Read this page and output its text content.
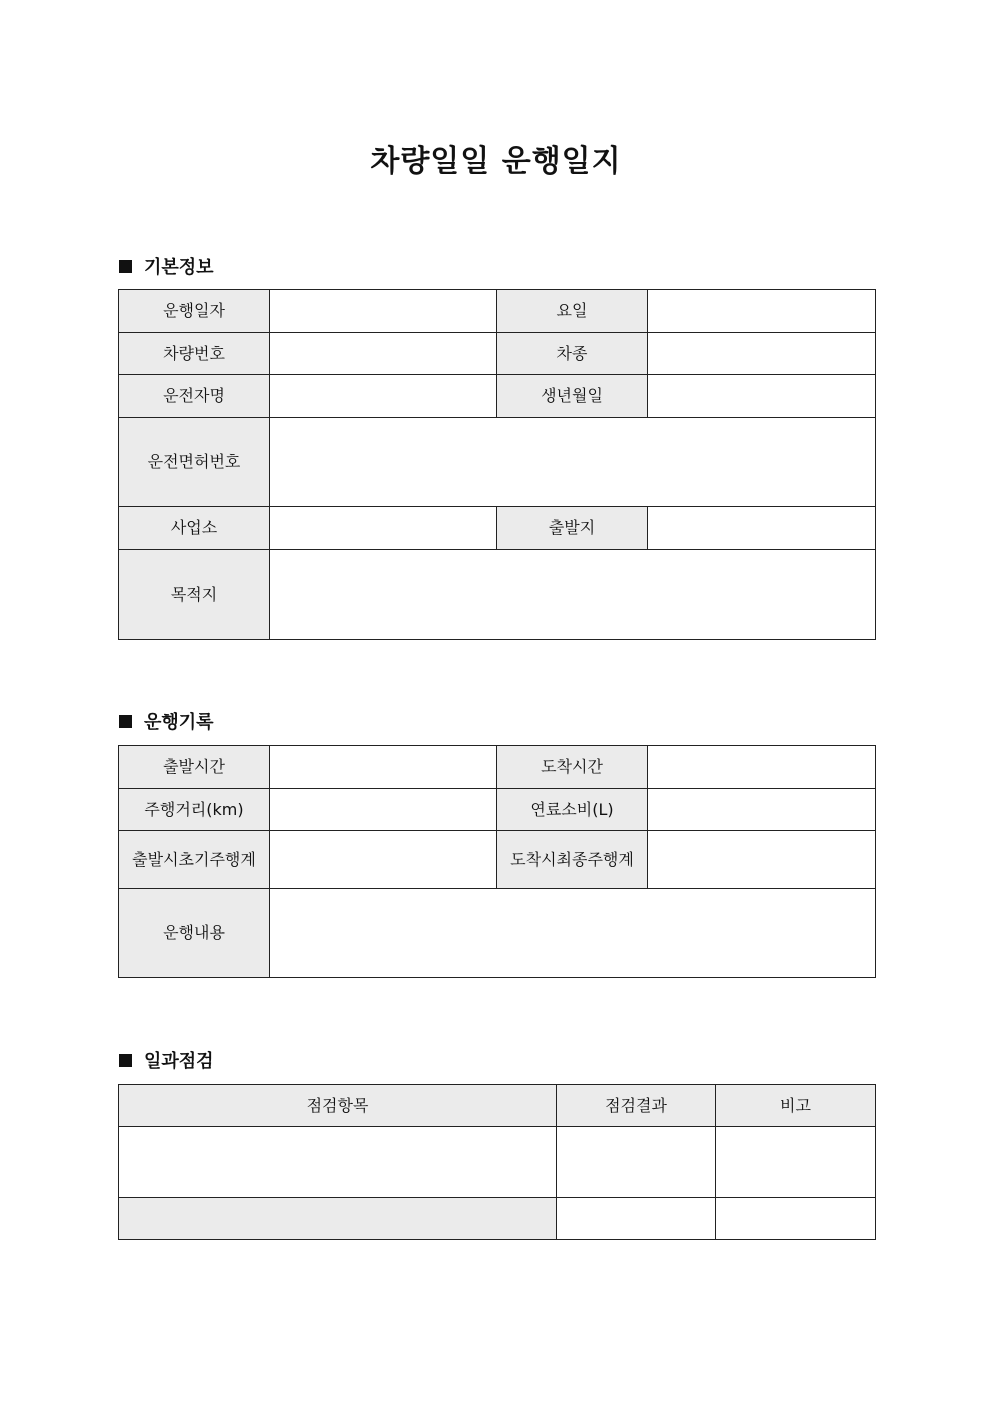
차량일일 운행일지
기본정보
운행일자		요일	
차량번호		차종	
운전자명		생년월일	
운전면허번호			
사업소		출발지	
목적지			
운행기록
출발시간		도착시간	
주행거리(km)		연료소비(L)	
출발시초기주행계		도착시최종주행계	
운행내용			
일과점검
점검항목	점검결과	비고
